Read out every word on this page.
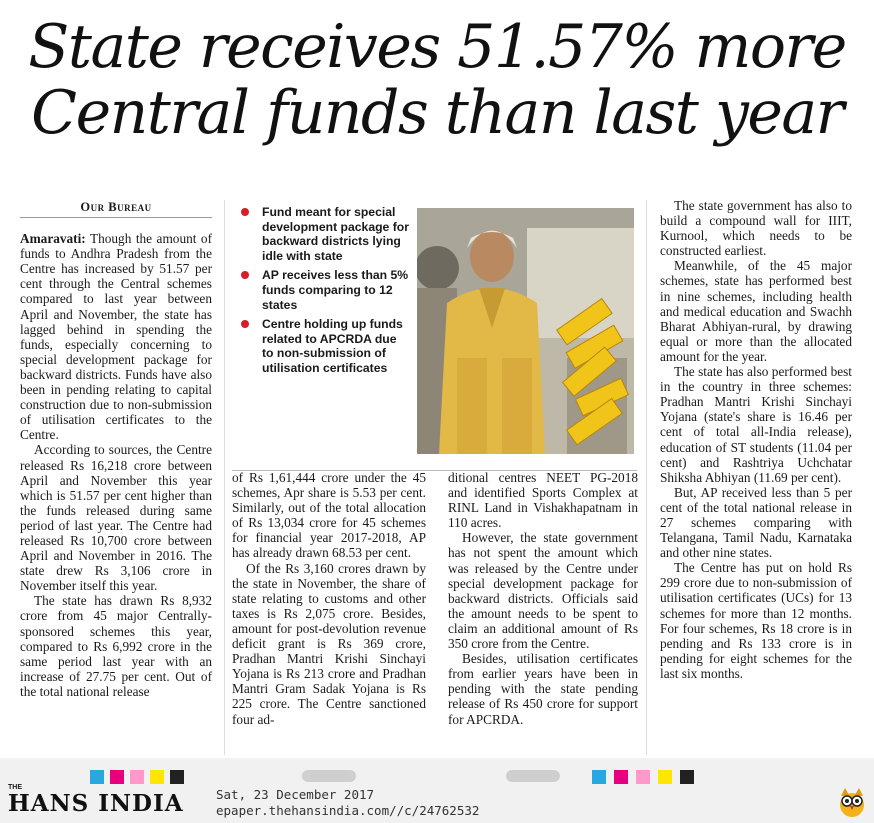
State receives 51.57% more
Central funds than last year
Our Bureau

Amaravati: Though the amount of funds to Andhra Pradesh from the Centre has increased by 51.57 per cent through the Central schemes compared to last year between April and November, the state has lagged behind in spending the funds, especially concerning to special development package for backward districts. Funds have also been in pending relating to capital construction due to non-submission of utilisation certificates to the Centre.

According to sources, the Centre released Rs 16,218 crore between April and November this year which is 51.57 per cent higher than the funds released during same period of last year. The Centre had released Rs 10,700 crore between April and November in 2016. The state drew Rs 3,106 crore in November itself this year.

The state has drawn Rs 8,932 crore from 45 major Centrally-sponsored schemes this year, compared to Rs 6,992 crore in the same period last year with an increase of 27.75 per cent. Out of the total national release

Fund meant for special development package for backward districts lying idle with state
AP receives less than 5% funds comparing to 12 states
Centre holding up funds related to APCRDA due to non-submission of utilisation certificates

of Rs 1,61,444 crore under the 45 schemes, Apr share is 5.53 per cent. Similarly, out of the total allocation of Rs 13,034 crore for 45 schemes for financial year 2017-2018, AP has already drawn 68.53 per cent.

Of the Rs 3,160 crores drawn by the state in November, the share of state relating to customs and other taxes is Rs 2,075 crore. Besides, amount for post-devolution revenue deficit grant is Rs 369 crore, Pradhan Mantri Krishi Sinchayi Yojana is Rs 213 crore and Pradhan Mantri Gram Sadak Yojana is Rs 225 crore. The Centre sanctioned four ad-

ditional centres NEET PG-2018 and identified Sports Complex at RINL Land in Vishakhapatnam in 110 acres.

However, the state government has not spent the amount which was released by the Centre under special development package for backward districts. Officials said the amount needs to be spent to claim an additional amount of Rs 350 crore from the Centre.

Besides, utilisation certificates from earlier years have been in pending with the state pending release of Rs 450 crore for support for APCRDA.

The state government has also to build a compound wall for IIIT, Kurnool, which needs to be constructed earliest.

Meanwhile, of the 45 major schemes, state has performed best in nine schemes, including health and medical education and Swachh Bharat Abhiyan-rural, by drawing equal or more than the allocated amount for the year.

The state has also performed best in the country in three schemes: Pradhan Mantri Krishi Sinchayi Yojana (state's share is 16.46 per cent of total all-India release), education of ST students (11.04 per cent) and Rashtriya Uchchatar Shiksha Abhiyan (11.69 per cent).

But, AP received less than 5 per cent of the total national release in 27 schemes comparing with Telangana, Tamil Nadu, Karnataka and other nine states.

The Centre has put on hold Rs 299 crore due to non-submission of utilisation certificates (UCs) for 13 schemes for more than 12 months. For four schemes, Rs 18 crore is in pending and Rs 133 crore is in pending for eight schemes for the last six months.

THE
HANS INDIA	Sat, 23 December 2017
epaper.thehansindia.com//c/24762532
